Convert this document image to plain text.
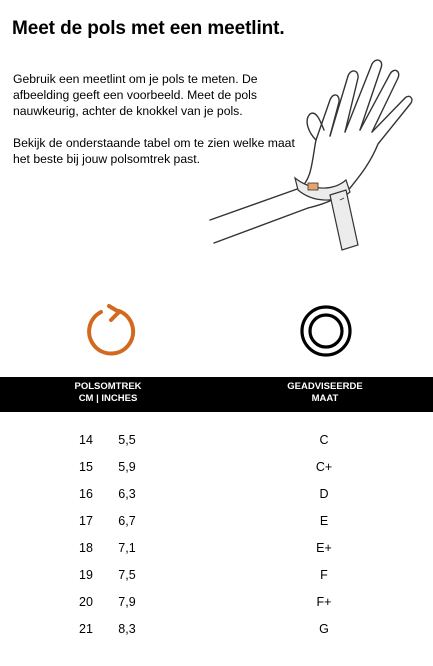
Meet de pols met een meetlint.
Gebruik een meetlint om je pols te meten. De afbeelding geeft een voorbeeld. Meet de pols nauwkeurig, achter de knokkel van je pols.
Bekijk de onderstaande tabel om te zien welke maat het beste bij jouw polsomtrek past.
POLSOMTREK
CM | INCHES
GEADVISEERDE
MAAT
14	5,5	C
15	5,9	C+
16	6,3	D
17	6,7	E
18	7,1	E+
19	7,5	F
20	7,9	F+
21	8,3	G
